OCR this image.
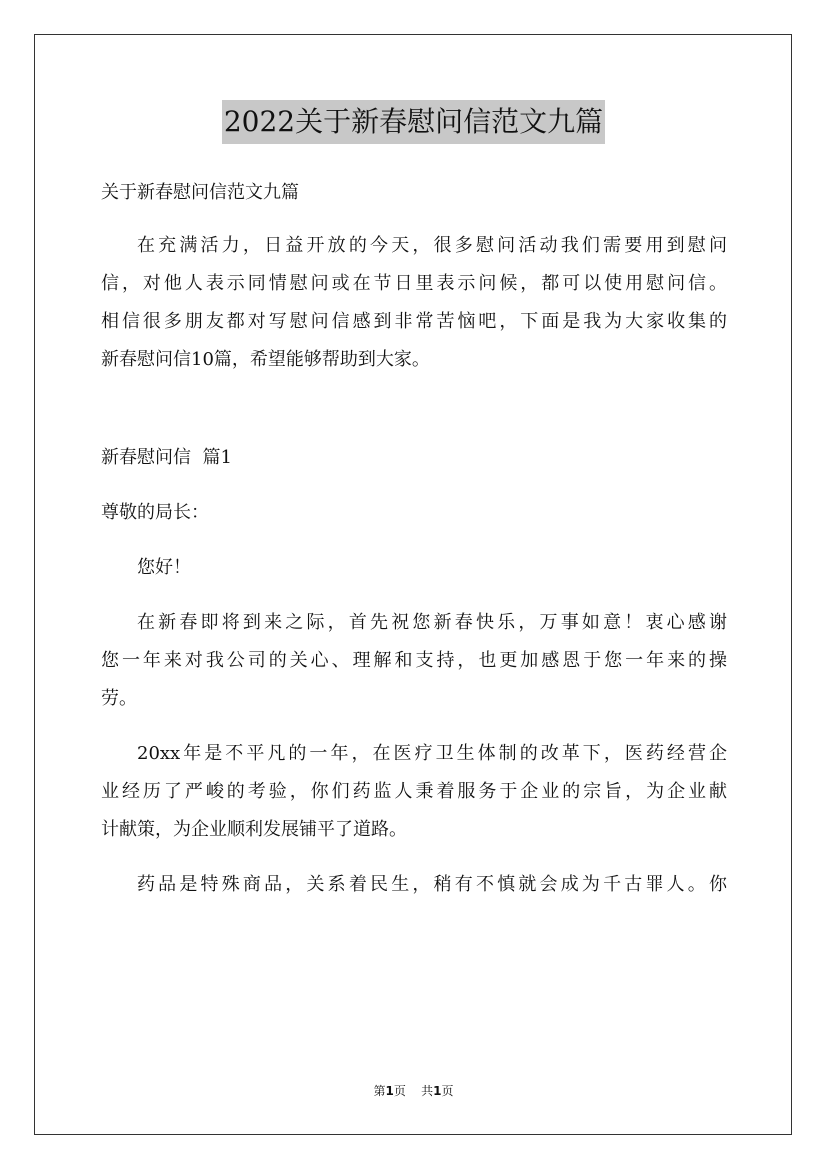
2022关于新春慰问信范文九篇

关于新春慰问信范文九篇

在充满活力，日益开放的今天，很多慰问活动我们需要用到慰问

信，对他人表示同情慰问或在节日里表示问候，都可以使用慰问信。

相信很多朋友都对写慰问信感到非常苦恼吧，下面是我为大家收集的

新春慰问信10篇，希望能够帮助到大家。

新春慰问信  篇1

尊敬的局长：

您好！

在新春即将到来之际，首先祝您新春快乐，万事如意！衷心感谢

您一年来对我公司的关心、理解和支持，也更加感恩于您一年来的操

劳。

20xx年是不平凡的一年，在医疗卫生体制的改革下，医药经营企

业经历了严峻的考验，你们药监人秉着服务于企业的宗旨，为企业献

计献策，为企业顺利发展铺平了道路。

药品是特殊商品，关系着民生，稍有不慎就会成为千古罪人。你

第1页 共1页
